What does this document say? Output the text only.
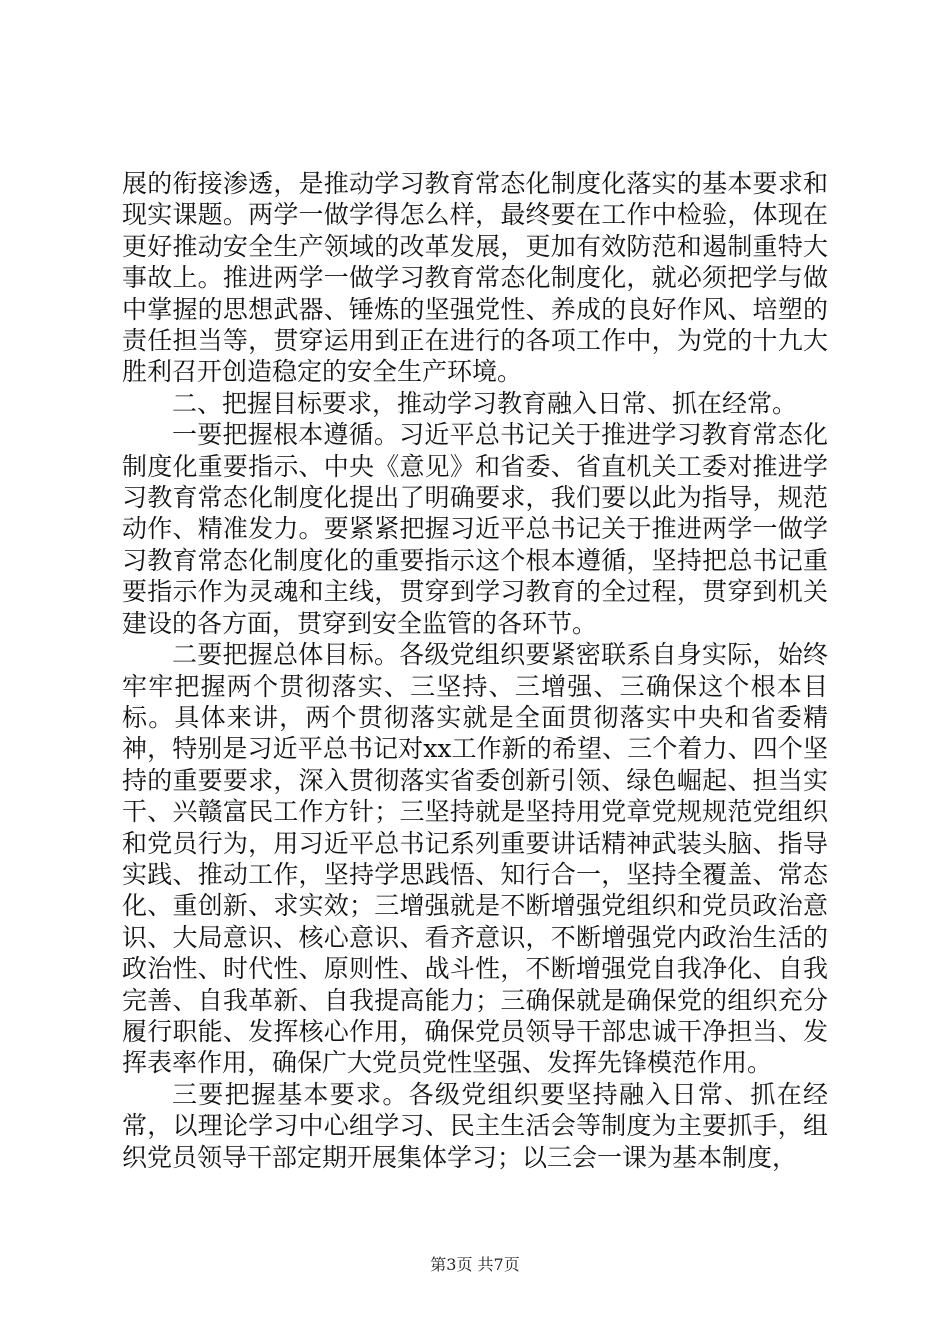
展的衔接渗透，是推动学习教育常态化制度化落实的基本要求和现实课题。两学一做学得怎么样，最终要在工作中检验，体现在更好推动安全生产领域的改革发展，更加有效防范和遏制重特大事故上。推进两学一做学习教育常态化制度化，就必须把学与做中掌握的思想武器、锤炼的坚强党性、养成的良好作风、培塑的责任担当等，贯穿运用到正在进行的各项工作中，为党的十九大胜利召开创造稳定的安全生产环境。

二、把握目标要求，推动学习教育融入日常、抓在经常。

一要把握根本遵循。习近平总书记关于推进学习教育常态化制度化重要指示、中央《意见》和省委、省直机关工委对推进学习教育常态化制度化提出了明确要求，我们要以此为指导，规范动作、精准发力。要紧紧把握习近平总书记关于推进两学一做学习教育常态化制度化的重要指示这个根本遵循，坚持把总书记重要指示作为灵魂和主线，贯穿到学习教育的全过程，贯穿到机关建设的各方面，贯穿到安全监管的各环节。

二要把握总体目标。各级党组织要紧密联系自身实际，始终牢牢把握两个贯彻落实、三坚持、三增强、三确保这个根本目标。具体来讲，两个贯彻落实就是全面贯彻落实中央和省委精神，特别是习近平总书记对xx工作新的希望、三个着力、四个坚持的重要要求，深入贯彻落实省委创新引领、绿色崛起、担当实干、兴赣富民工作方针；三坚持就是坚持用党章党规规范党组织和党员行为，用习近平总书记系列重要讲话精神武装头脑、指导实践、推动工作，坚持学思践悟、知行合一，坚持全覆盖、常态化、重创新、求实效；三增强就是不断增强党组织和党员政治意识、大局意识、核心意识、看齐意识，不断增强党内政治生活的政治性、时代性、原则性、战斗性，不断增强党自我净化、自我完善、自我革新、自我提高能力；三确保就是确保党的组织充分履行职能、发挥核心作用，确保党员领导干部忠诚干净担当、发挥表率作用，确保广大党员党性坚强、发挥先锋模范作用。

三要把握基本要求。各级党组织要坚持融入日常、抓在经常，以理论学习中心组学习、民主生活会等制度为主要抓手，组织党员领导干部定期开展集体学习；以三会一课为基本制度，

第3页 共7页
